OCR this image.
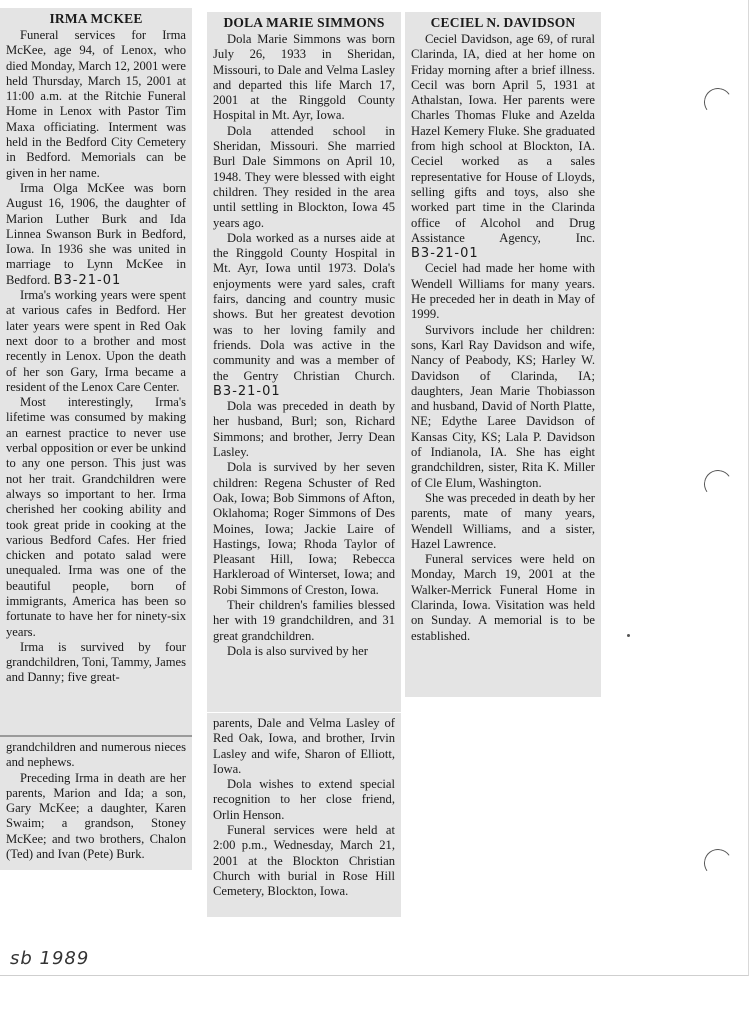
IRMA MCKEE

Funeral services for Irma McKee, age 94, of Lenox, who died Monday, March 12, 2001 were held Thursday, March 15, 2001 at 11:00 a.m. at the Ritchie Funeral Home in Lenox with Pastor Tim Maxa officiating. Interment was held in the Bedford City Cemetery in Bedford. Memorials can be given in her name.

Irma Olga McKee was born August 16, 1906, the daughter of Marion Luther Burk and Ida Linnea Swanson Burk in Bedford, Iowa. In 1936 she was united in marriage to Lynn McKee in Bedford. B3-21-01

Irma's working years were spent at various cafes in Bedford. Her later years were spent in Red Oak next door to a brother and most recently in Lenox. Upon the death of her son Gary, Irma became a resident of the Lenox Care Center.

Most interestingly, Irma's lifetime was consumed by making an earnest practice to never use verbal opposition or ever be unkind to any one person. This just was not her trait. Grandchildren were always so important to her. Irma cherished her cooking ability and took great pride in cooking at the various Bedford Cafes. Her fried chicken and potato salad were unequaled. Irma was one of the beautiful people, born of immigrants, America has been so fortunate to have her for ninety-six years.

Irma is survived by four grandchildren, Toni, Tammy, James and Danny; five great-

grandchildren and numerous nieces and nephews.

Preceding Irma in death are her parents, Marion and Ida; a son, Gary McKee; a daughter, Karen Swaim; a grandson, Stoney McKee; and two brothers, Chalon (Ted) and Ivan (Pete) Burk.

DOLA MARIE SIMMONS

Dola Marie Simmons was born July 26, 1933 in Sheridan, Missouri, to Dale and Velma Lasley and departed this life March 17, 2001 at the Ringgold County Hospital in Mt. Ayr, Iowa.

Dola attended school in Sheridan, Missouri. She married Burl Dale Simmons on April 10, 1948. They were blessed with eight children. They resided in the area until settling in Blockton, Iowa 45 years ago.

Dola worked as a nurses aide at the Ringgold County Hospital in Mt. Ayr, Iowa until 1973. Dola's enjoyments were yard sales, craft fairs, dancing and country music shows. But her greatest devotion was to her loving family and friends. Dola was active in the community and was a member of the Gentry Christian Church. B3-21-01

Dola was preceded in death by her husband, Burl; son, Richard Simmons; and brother, Jerry Dean Lasley.

Dola is survived by her seven children: Regena Schuster of Red Oak, Iowa; Bob Simmons of Afton, Oklahoma; Roger Simmons of Des Moines, Iowa; Jackie Laire of Hastings, Iowa; Rhoda Taylor of Pleasant Hill, Iowa; Rebecca Harkleroad of Winterset, Iowa; and Robi Simmons of Creston, Iowa.

Their children's families blessed her with 19 grandchildren, and 31 great grandchildren.

Dola is also survived by her

parents, Dale and Velma Lasley of Red Oak, Iowa, and brother, Irvin Lasley and wife, Sharon of Elliott, Iowa.

Dola wishes to extend special recognition to her close friend, Orlin Henson.

Funeral services were held at 2:00 p.m., Wednesday, March 21, 2001 at the Blockton Christian Church with burial in Rose Hill Cemetery, Blockton, Iowa.

CECIEL N. DAVIDSON

Ceciel Davidson, age 69, of rural Clarinda, IA, died at her home on Friday morning after a brief illness. Cecil was born April 5, 1931 at Athalstan, Iowa. Her parents were Charles Thomas Fluke and Azelda Hazel Kemery Fluke. She graduated from high school at Blockton, IA. Ceciel worked as a sales representative for House of Lloyds, selling gifts and toys, also she worked part time in the Clarinda office of Alcohol and Drug Assistance Agency, Inc. B3-21-01

Ceciel had made her home with Wendell Williams for many years. He preceded her in death in May of 1999.

Survivors include her children: sons, Karl Ray Davidson and wife, Nancy of Peabody, KS; Harley W. Davidson of Clarinda, IA; daughters, Jean Marie Thobiasson and husband, David of North Platte, NE; Edythe Laree Davidson of Kansas City, KS; Lala P. Davidson of Indianola, IA. She has eight grandchildren, sister, Rita K. Miller of Cle Elum, Washington.

She was preceded in death by her parents, mate of many years, Wendell Williams, and a sister, Hazel Lawrence.

Funeral services were held on Monday, March 19, 2001 at the Walker-Merrick Funeral Home in Clarinda, Iowa. Visitation was held on Sunday. A memorial is to be established.

sb 1989
